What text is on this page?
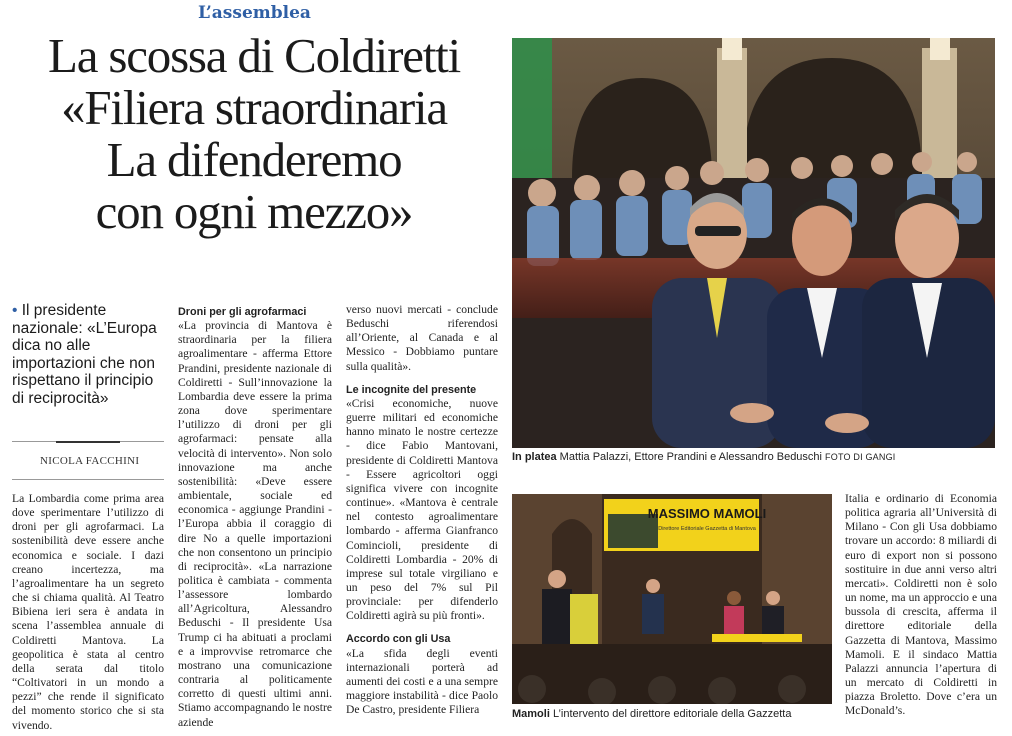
L’assemblea
La scossa di Coldiretti
«Filiera straordinaria
La difenderemo
con ogni mezzo»
• Il presidente nazionale: «L’Europa dica no alle importazioni che non rispettano il principio di reciprocità»
NICOLA FACCHINI

La Lombardia come prima area dove sperimentare l’utilizzo di droni per gli agrofarmaci. La sostenibilità deve essere anche economica e sociale. I dazi creano incertezza, ma l’agroalimentare ha un segreto che si chiama qualità. Al Teatro Bibiena ieri sera è andata in scena l’assemblea annuale di Coldiretti Mantova. La geopolitica è stata al centro della serata dal titolo “Coltivatori in un mondo a pezzi” che rende il significato del momento storico che si sta vivendo.

Droni per gli agrofarmaci

«La provincia di Mantova è straordinaria per la filiera agroalimentare - afferma Ettore Prandini, presidente nazionale di Coldiretti - Sull’innovazione la Lombardia deve essere la prima zona dove sperimentare l’utilizzo di droni per gli agrofarmaci: pensate alla velocità di intervento». Non solo innovazione ma anche sostenibilità: «Deve essere ambientale, sociale ed economica - aggiunge Prandini - l’Europa abbia il coraggio di dire No a quelle importazioni che non consentono un principio di reciprocità». «La narrazione politica è cambiata - commenta l’assessore lombardo all’Agricoltura, Alessandro Beduschi - Il presidente Usa Trump ci ha abituati a proclami e a improvvise retromarce che mostrano una comunicazione contraria al politicamente corretto di questi ultimi anni. Stiamo accompagnando le nostre aziende

verso nuovi mercati - conclude Beduschi riferendosi all’Oriente, al Canada e al Messico - Dobbiamo puntare sulla qualità».

Le incognite del presente

«Crisi economiche, nuove guerre militari ed economiche hanno minato le nostre certezze - dice Fabio Mantovani, presidente di Coldiretti Mantova - Essere agricoltori oggi significa vivere con incognite continue». «Mantova è centrale nel contesto agroalimentare lombardo - afferma Gianfranco Comincioli, presidente di Coldiretti Lombardia - 20% di imprese sul totale virgiliano e un peso del 7% sul Pil provinciale: per difenderlo Coldiretti agirà su più fronti».

Accordo con gli Usa

«La sfida degli eventi internazionali porterà ad aumenti dei costi e a una sempre maggiore instabilità - dice Paolo De Castro, presidente Filiera

Italia e ordinario di Economia politica agraria all’Università di Milano - Con gli Usa dobbiamo trovare un accordo: 8 miliardi di euro di export non si possono sostituire in due anni verso altri mercati». Coldiretti non è solo un nome, ma un approccio e una bussola di crescita, afferma il direttore editoriale della Gazzetta di Mantova, Massimo Mamoli. E il sindaco Mattia Palazzi annuncia l’apertura di un mercato di Coldiretti in piazza Broletto. Dove c’era un McDonald’s.

In platea Mattia Palazzi, Ettore Prandini e Alessandro Beduschi FOTO DI GANGI
MASSIMO MAMOLI
Direttore Editoriale Gazzetta di Mantova
Mamoli L’intervento del direttore editoriale della Gazzetta
